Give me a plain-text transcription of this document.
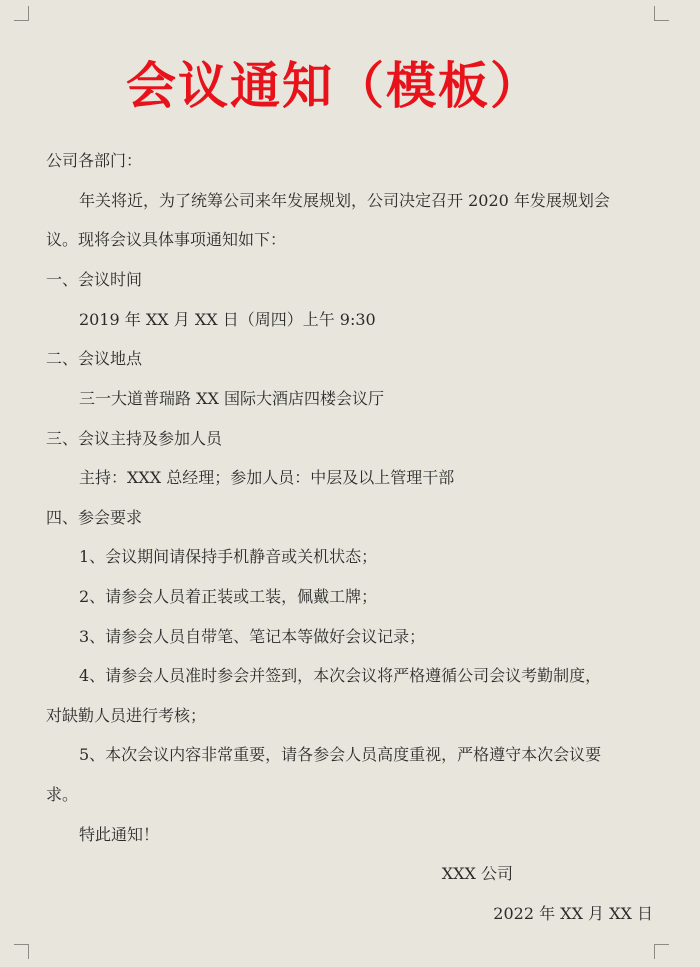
会议通知（模板）
公司各部门：
年关将近，为了统筹公司来年发展规划，公司决定召开 2020 年发展规划会
议。现将会议具体事项通知如下：
一、会议时间
2019 年 XX 月 XX 日（周四）上午 9:30
二、会议地点
三一大道普瑞路 XX 国际大酒店四楼会议厅
三、会议主持及参加人员
主持：XXX 总经理；参加人员：中层及以上管理干部
四、参会要求
1、会议期间请保持手机静音或关机状态；
2、请参会人员着正装或工装，佩戴工牌；
3、请参会人员自带笔、笔记本等做好会议记录；
4、请参会人员准时参会并签到，本次会议将严格遵循公司会议考勤制度，
对缺勤人员进行考核；
5、本次会议内容非常重要，请各参会人员高度重视，严格遵守本次会议要
求。
特此通知！
XXX 公司
2022 年 XX 月 XX 日
